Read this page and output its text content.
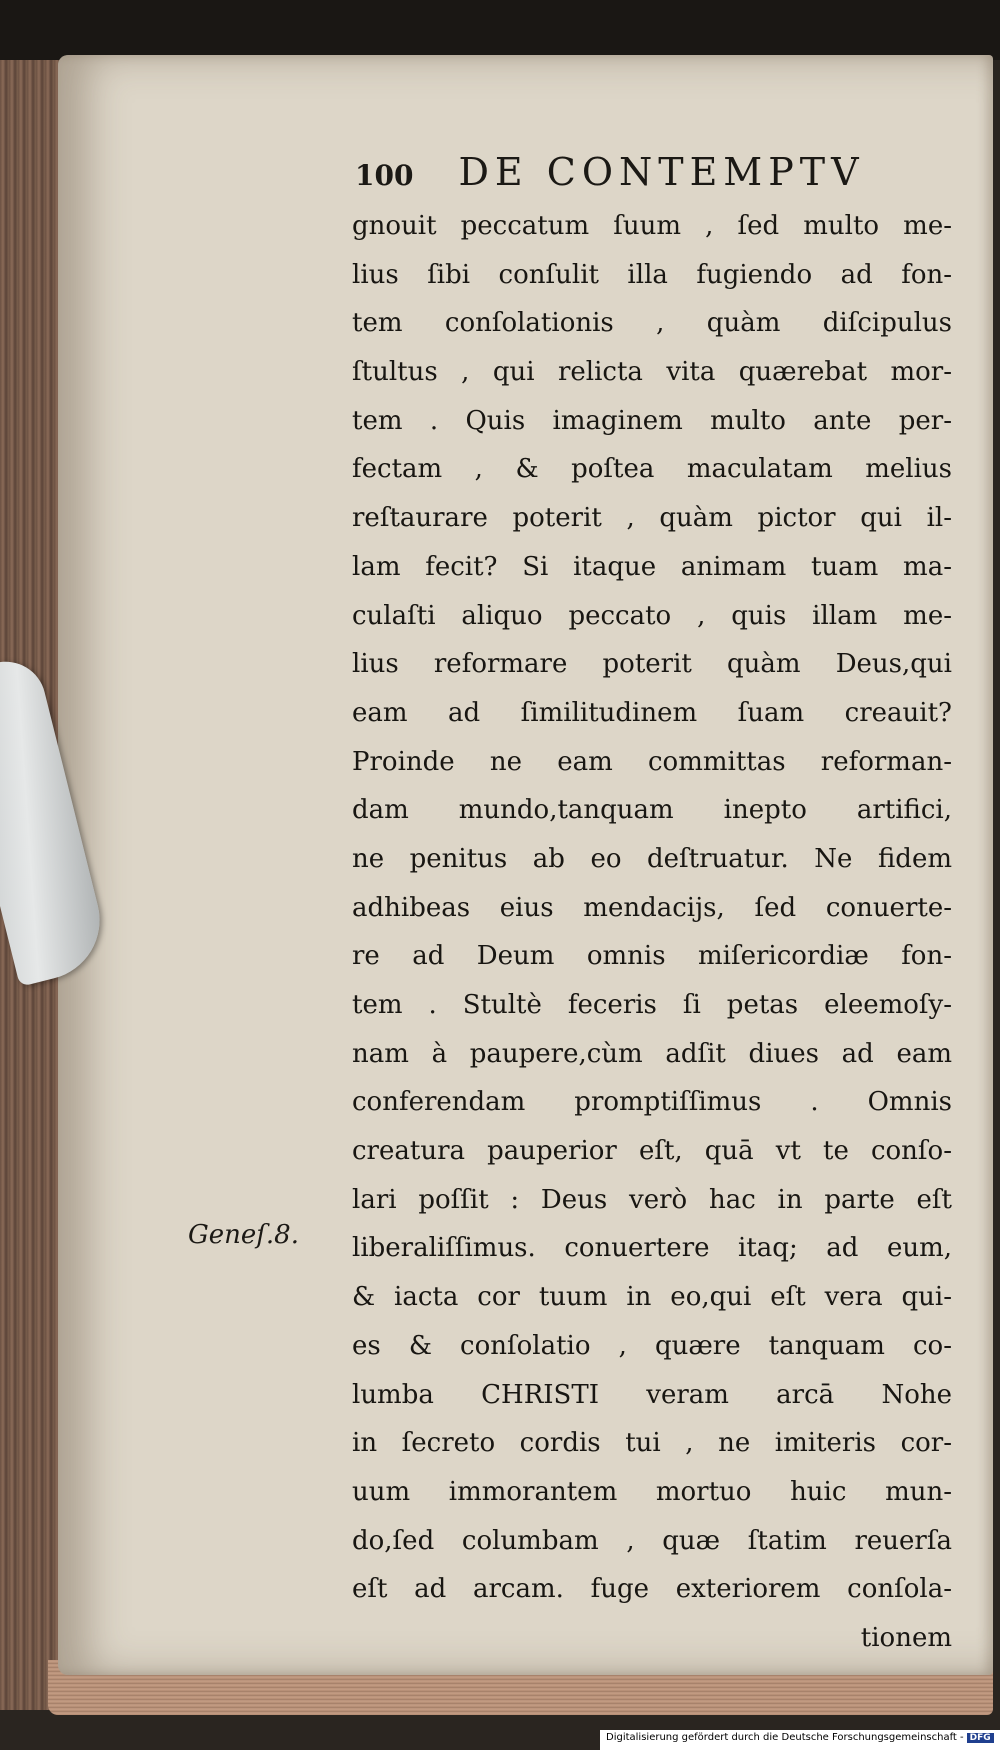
100 DE CONTEMPTV
Geneſ.8.
gnouit peccatum ſuum , ſed multo me-
lius ſibi conſulit illa fugiendo ad fon-
tem conſolationis , quàm diſcipulus
ſtultus , qui relicta vita quærebat mor-
tem . Quis imaginem multo ante per-
fectam , & poſtea maculatam melius
reſtaurare poterit , quàm pictor qui il-
lam fecit? Si itaque animam tuam ma-
culaſti aliquo peccato , quis illam me-
lius reformare poterit quàm Deus,qui
eam ad ſimilitudinem ſuam creauit?
Proinde ne eam committas reforman-
dam mundo,tanquam inepto artifici,
ne penitus ab eo deſtruatur. Ne fidem
adhibeas eius mendacijs, ſed conuerte-
re ad Deum omnis miſericordiæ fon-
tem . Stultè feceris ſi petas eleemoſy-
nam à paupere,cùm adſit diues ad eam
conferendam promptiſſimus . Omnis
creatura pauperior eſt, quā vt te conſo-
lari poſſit : Deus verò hac in parte eſt
liberaliſſimus. conuertere itaq; ad eum,
& iacta cor tuum in eo,qui eſt vera qui-
es & conſolatio , quære tanquam co-
lumba CHRISTI veram arcā Nohe
in ſecreto cordis tui , ne imiteris cor-
uum immorantem mortuo huic mun-
do,ſed columbam , quæ ſtatim reuerſa
eſt ad arcam. fuge exteriorem conſola-
tionem
Digitalisierung gefördert durch die Deutsche Forschungsgemeinschaft - DFG
